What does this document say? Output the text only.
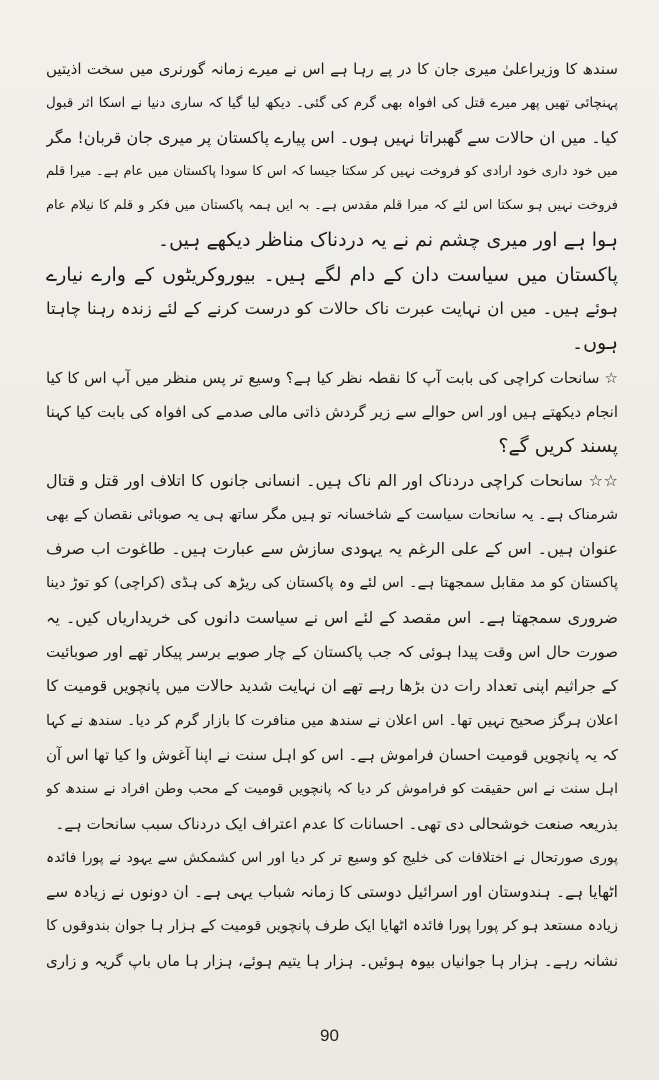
سندھ کا وزیراعلیٰ میری جان کا در پے رہا ہے اس نے میرے زمانہ گورنری میں سخت اذیتیں
پہنچائی تھیں پھر میرے قتل کی افواہ بھی گرم کی گئی۔ دیکھ لیا گیا کہ ساری دنیا نے اسکا اثر قبول
کیا۔ میں ان حالات سے گھبراتا نہیں ہوں۔ اس پیارے پاکستان پر میری جان قربان! مگر
میں خود داری خود ارادی کو فروخت نہیں کر سکتا جیسا کہ اس کا سودا پاکستان میں عام ہے۔ میرا قلم
فروخت نہیں ہو سکتا اس لئے کہ میرا قلم مقدس ہے۔ بہ ایں ہمہ پاکستان میں فکر و قلم کا نیلام عام
ہوا ہے اور میری چشم نم نے یہ دردناک مناظر دیکھے ہیں۔
پاکستان میں سیاست دان کے دام لگے ہیں۔ بیوروکریٹوں کے وارے نیارے
ہوئے ہیں۔ میں ان نہایت عبرت ناک حالات کو درست کرنے کے لئے زندہ رہنا چاہتا
ہوں۔
☆ سانحات کراچی کی بابت آپ کا نقطہ نظر کیا ہے؟ وسیع تر پس منظر میں آپ اس کا کیا
انجام دیکھتے ہیں اور اس حوالے سے زیر گردش ذاتی مالی صدمے کی افواہ کی بابت کیا کہنا
پسند کریں گے؟
☆☆ سانحات کراچی دردناک اور الم ناک ہیں۔ انسانی جانوں کا اتلاف اور قتل و قتال
شرمناک ہے۔ یہ سانحات سیاست کے شاخسانہ تو ہیں مگر ساتھ ہی یہ صوبائی نقصان کے بھی
عنوان ہیں۔ اس کے علی الرغم یہ یہودی سازش سے عبارت ہیں۔ طاغوت اب صرف
پاکستان کو مد مقابل سمجھتا ہے۔ اس لئے وہ پاکستان کی ریڑھ کی ہڈی (کراچی) کو توڑ دینا
ضروری سمجھتا ہے۔ اس مقصد کے لئے اس نے سیاست دانوں کی خریداریاں کیں۔ یہ
صورت حال اس وقت پیدا ہوئی کہ جب پاکستان کے چار صوبے برسر پیکار تھے اور صوبائیت
کے جراثیم اپنی تعداد رات دن بڑھا رہے تھے ان نہایت شدید حالات میں پانچویں قومیت کا
اعلان ہرگز صحیح نہیں تھا۔ اس اعلان نے سندھ میں منافرت کا بازار گرم کر دیا۔ سندھ نے کہا
کہ یہ پانچویں قومیت احسان فراموش ہے۔ اس کو اہل سنت نے اپنا آغوش وا کیا تھا اس آن
اہل سنت نے اس حقیقت کو فراموش کر دیا کہ پانچویں قومیت کے محب وطن افراد نے سندھ کو
بذریعہ صنعت خوشحالی دی تھی۔ احسانات کا عدم اعتراف ایک دردناک سبب سانحات ہے۔
پوری صورتحال نے اختلافات کی خلیج کو وسیع تر کر دیا اور اس کشمکش سے یہود نے پورا فائدہ
اٹھایا ہے۔ ہندوستان اور اسرائیل دوستی کا زمانہ شباب یہی ہے۔ ان دونوں نے زیادہ سے
زیادہ مستعد ہو کر پورا پورا فائدہ اٹھایا ایک طرف پانچویں قومیت کے ہزار ہا جوان بندوقوں کا
نشانہ رہے۔ ہزار ہا جوانیاں بیوہ ہوئیں۔ ہزار ہا یتیم ہوئے، ہزار ہا ماں باپ گریہ و زاری
90
